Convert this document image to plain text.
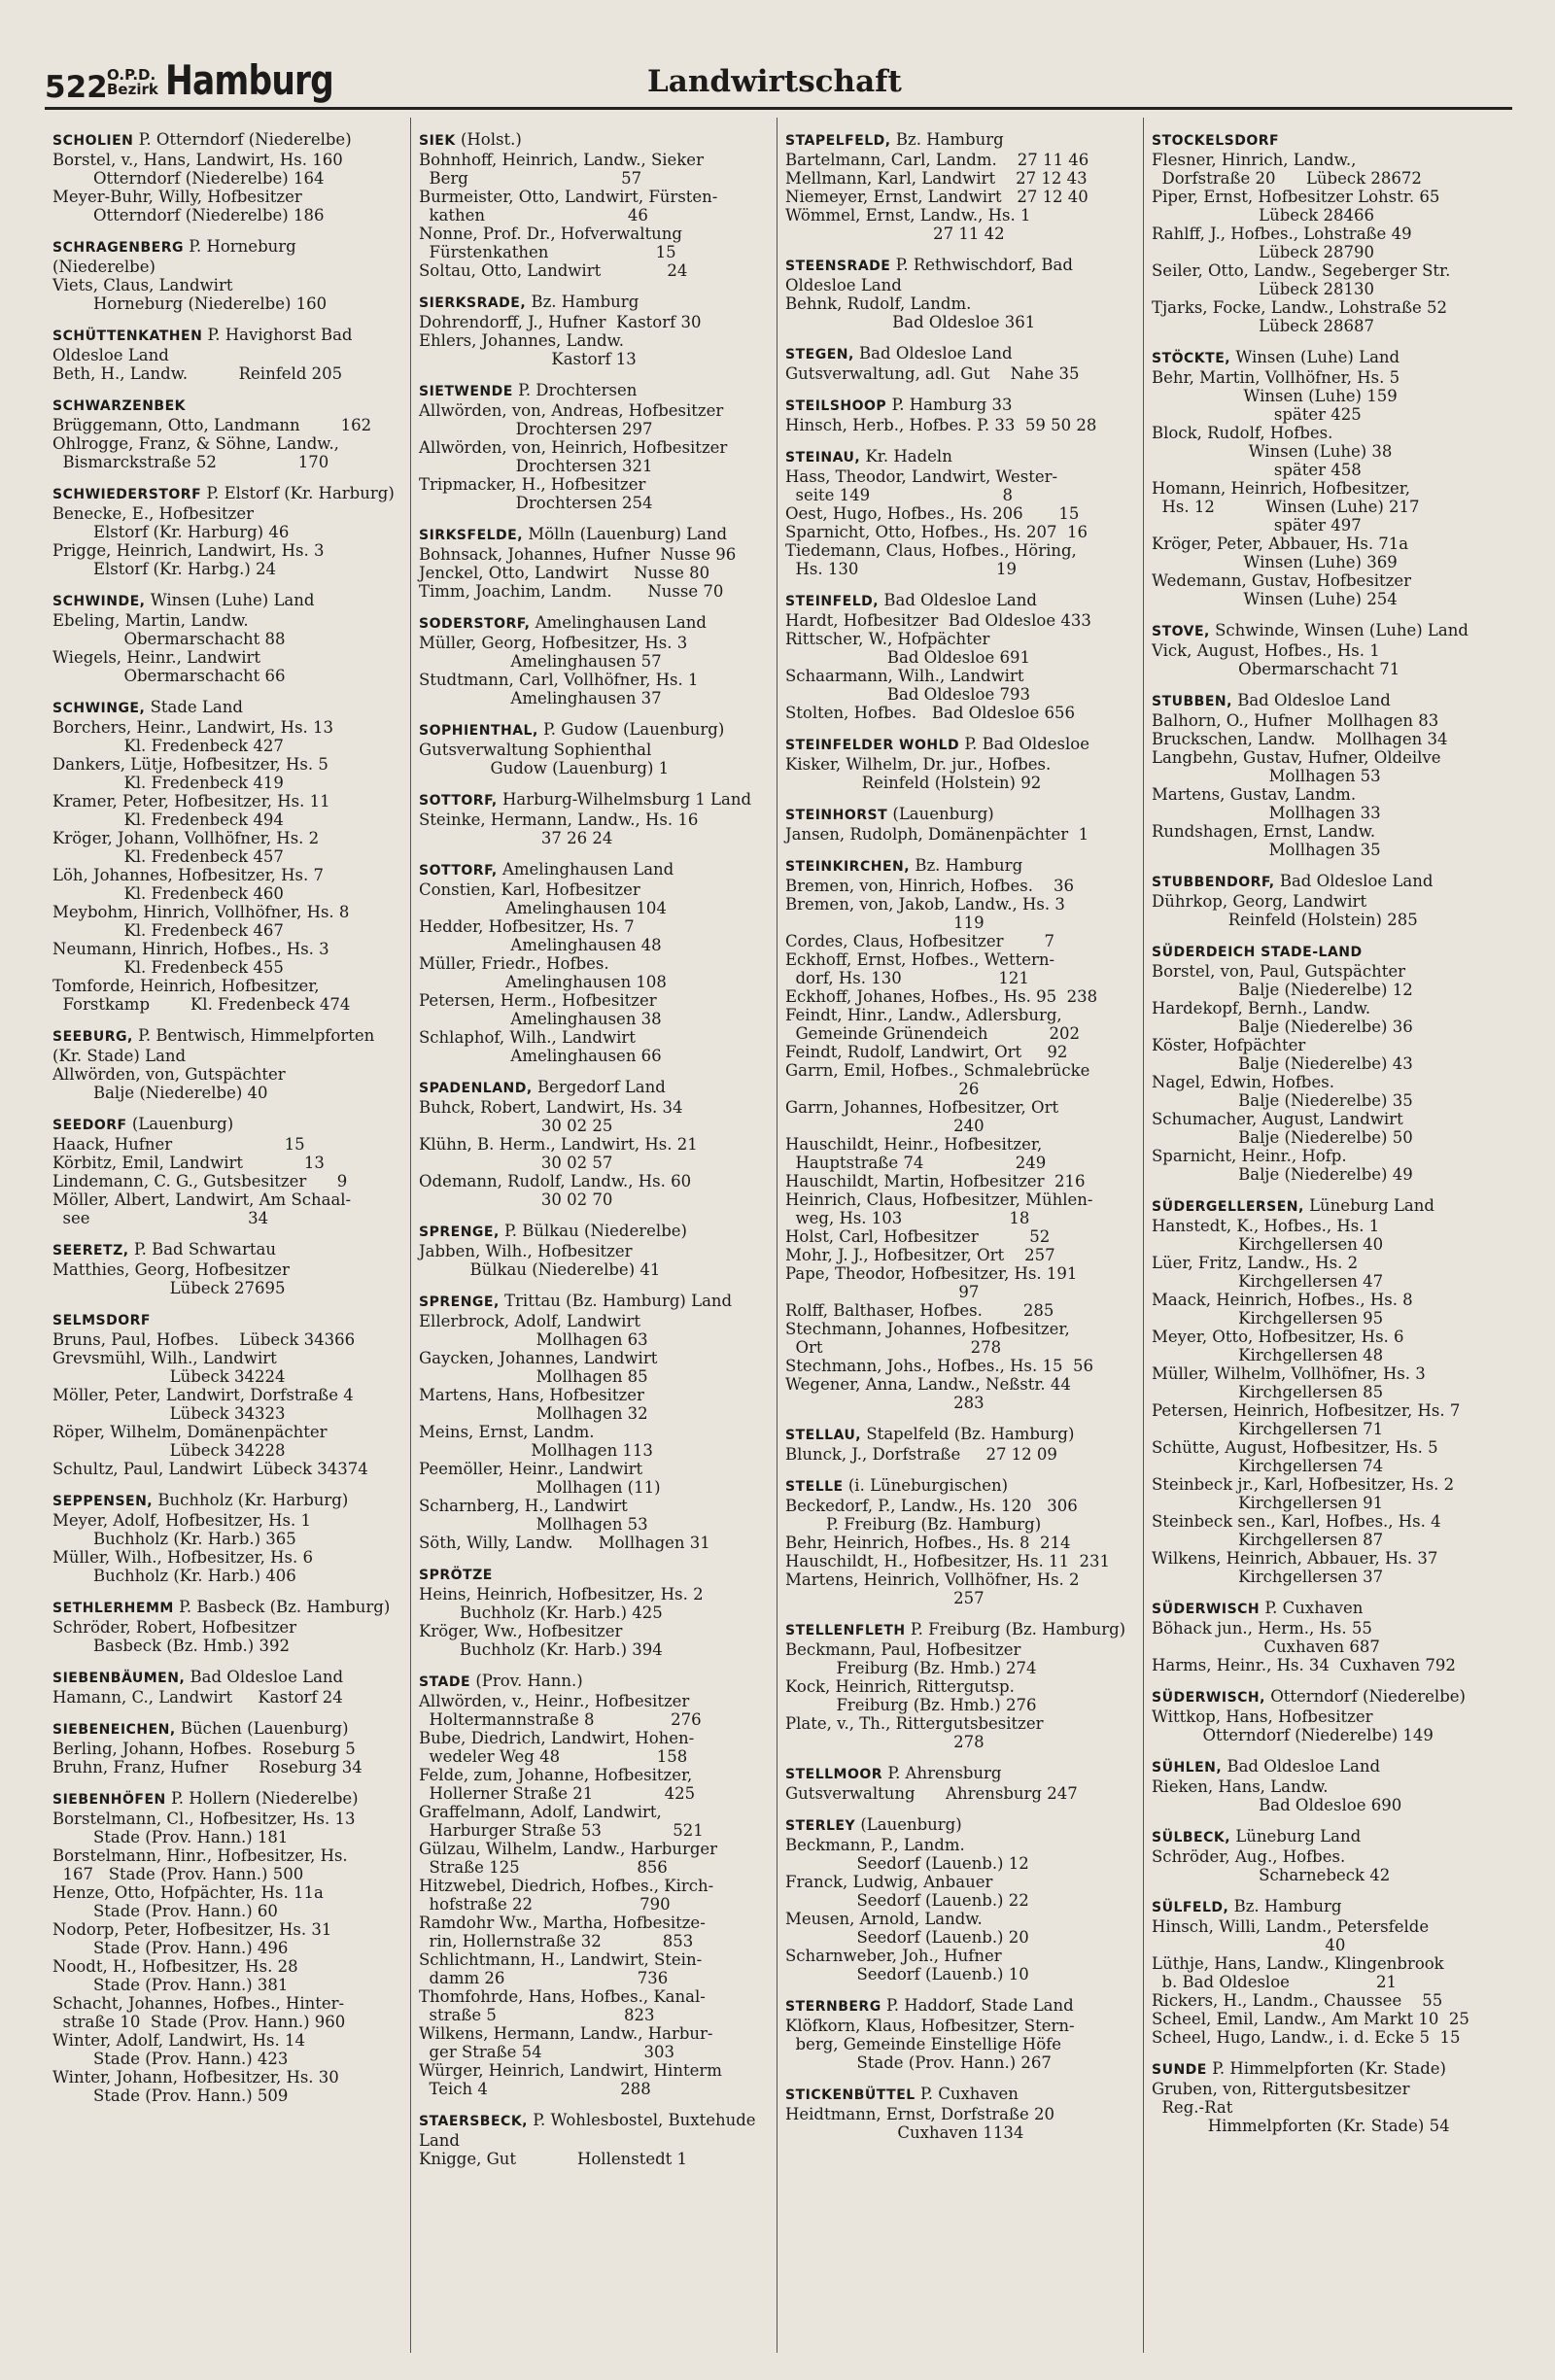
522 O.P.D.
Bezirk Hamburg	Landwirtschaft
SCHOLIEN P. Otterndorf (Niederelbe)
Borstel, v., Hans, Landwirt, Hs. 160
Otterndorf (Niederelbe) 164
Meyer-Buhr, Willy, Hofbesitzer
Otterndorf (Niederelbe) 186
SCHRAGENBERG P. Horneburg (Niederelbe)
Viets, Claus, Landwirt
Horneburg (Niederelbe) 160
SCHÜTTENKATHEN P. Havighorst Bad Oldesloe Land
Beth, H., Landw.          Reinfeld 205
SCHWARZENBEK
Brüggemann, Otto, Landmann        162
Ohlrogge, Franz, & Söhne, Landw.,
Bismarckstraße 52                170
SCHWIEDERSTORF P. Elstorf (Kr. Harburg)
Benecke, E., Hofbesitzer
Elstorf (Kr. Harburg) 46
Prigge, Heinrich, Landwirt, Hs. 3
Elstorf (Kr. Harbg.) 24
SCHWINDE, Winsen (Luhe) Land
Ebeling, Martin, Landw.
Obermarschacht 88
Wiegels, Heinr., Landwirt
Obermarschacht 66
SCHWINGE, Stade Land
Borchers, Heinr., Landwirt, Hs. 13
Kl. Fredenbeck 427
Dankers, Lütje, Hofbesitzer, Hs. 5
Kl. Fredenbeck 419
Kramer, Peter, Hofbesitzer, Hs. 11
Kl. Fredenbeck 494
Kröger, Johann, Vollhöfner, Hs. 2
Kl. Fredenbeck 457
Löh, Johannes, Hofbesitzer, Hs. 7
Kl. Fredenbeck 460
Meybohm, Hinrich, Vollhöfner, Hs. 8
Kl. Fredenbeck 467
Neumann, Hinrich, Hofbes., Hs. 3
Kl. Fredenbeck 455
Tomforde, Heinrich, Hofbesitzer,
Forstkamp        Kl. Fredenbeck 474
SEEBURG, P. Bentwisch, Himmelpforten (Kr. Stade) Land
Allwörden, von, Gutspächter
Balje (Niederelbe) 40
SEEDORF (Lauenburg)
Haack, Hufner                      15
Körbitz, Emil, Landwirt            13
Lindemann, C. G., Gutsbesitzer      9
Möller, Albert, Landwirt, Am Schaal-
see                               34
SEERETZ, P. Bad Schwartau
Matthies, Georg, Hofbesitzer
Lübeck 27695
SELMSDORF
Bruns, Paul, Hofbes.    Lübeck 34366
Grevsmühl, Wilh., Landwirt
Lübeck 34224
Möller, Peter, Landwirt, Dorfstraße 4
Lübeck 34323
Röper, Wilhelm, Domänenpächter
Lübeck 34228
Schultz, Paul, Landwirt  Lübeck 34374
SEPPENSEN, Buchholz (Kr. Harburg)
Meyer, Adolf, Hofbesitzer, Hs. 1
Buchholz (Kr. Harb.) 365
Müller, Wilh., Hofbesitzer, Hs. 6
Buchholz (Kr. Harb.) 406
SETHLERHEMM P. Basbeck (Bz. Hamburg)
Schröder, Robert, Hofbesitzer
Basbeck (Bz. Hmb.) 392
SIEBENBÄUMEN, Bad Oldesloe Land
Hamann, C., Landwirt     Kastorf 24
SIEBENEICHEN, Büchen (Lauenburg)
Berling, Johann, Hofbes.  Roseburg 5
Bruhn, Franz, Hufner      Roseburg 34
SIEBENHÖFEN P. Hollern (Niederelbe)
Borstelmann, Cl., Hofbesitzer, Hs. 13
Stade (Prov. Hann.) 181
Borstelmann, Hinr., Hofbesitzer, Hs.
167   Stade (Prov. Hann.) 500
Henze, Otto, Hofpächter, Hs. 11a
Stade (Prov. Hann.) 60
Nodorp, Peter, Hofbesitzer, Hs. 31
Stade (Prov. Hann.) 496
Noodt, H., Hofbesitzer, Hs. 28
Stade (Prov. Hann.) 381
Schacht, Johannes, Hofbes., Hinter-
straße 10  Stade (Prov. Hann.) 960
Winter, Adolf, Landwirt, Hs. 14
Stade (Prov. Hann.) 423
Winter, Johann, Hofbesitzer, Hs. 30
Stade (Prov. Hann.) 509
SIEK (Holst.)
Bohnhoff, Heinrich, Landw., Sieker
Berg                              57
Burmeister, Otto, Landwirt, Fürsten-
kathen                            46
Nonne, Prof. Dr., Hofverwaltung
Fürstenkathen                     15
Soltau, Otto, Landwirt             24
SIERKSRADE, Bz. Hamburg
Dohrendorff, J., Hufner  Kastorf 30
Ehlers, Johannes, Landw.
Kastorf 13
SIETWENDE P. Drochtersen
Allwörden, von, Andreas, Hofbesitzer
Drochtersen 297
Allwörden, von, Heinrich, Hofbesitzer
Drochtersen 321
Tripmacker, H., Hofbesitzer
Drochtersen 254
SIRKSFELDE, Mölln (Lauenburg) Land
Bohnsack, Johannes, Hufner  Nusse 96
Jenckel, Otto, Landwirt     Nusse 80
Timm, Joachim, Landm.       Nusse 70
SODERSTORF, Amelinghausen Land
Müller, Georg, Hofbesitzer, Hs. 3
Amelinghausen 57
Studtmann, Carl, Vollhöfner, Hs. 1
Amelinghausen 37
SOPHIENTHAL, P. Gudow (Lauenburg)
Gutsverwaltung Sophienthal
Gudow (Lauenburg) 1
SOTTORF, Harburg-Wilhelmsburg 1 Land
Steinke, Hermann, Landw., Hs. 16
37 26 24
SOTTORF, Amelinghausen Land
Constien, Karl, Hofbesitzer
Amelinghausen 104
Hedder, Hofbesitzer, Hs. 7
Amelinghausen 48
Müller, Friedr., Hofbes.
Amelinghausen 108
Petersen, Herm., Hofbesitzer
Amelinghausen 38
Schlaphof, Wilh., Landwirt
Amelinghausen 66
SPADENLAND, Bergedorf Land
Buhck, Robert, Landwirt, Hs. 34
30 02 25
Klühn, B. Herm., Landwirt, Hs. 21
30 02 57
Odemann, Rudolf, Landw., Hs. 60
30 02 70
SPRENGE, P. Bülkau (Niederelbe)
Jabben, Wilh., Hofbesitzer
Bülkau (Niederelbe) 41
SPRENGE, Trittau (Bz. Hamburg) Land
Ellerbrock, Adolf, Landwirt
Mollhagen 63
Gaycken, Johannes, Landwirt
Mollhagen 85
Martens, Hans, Hofbesitzer
Mollhagen 32
Meins, Ernst, Landm.
Mollhagen 113
Peemöller, Heinr., Landwirt
Mollhagen (11)
Scharnberg, H., Landwirt
Mollhagen 53
Söth, Willy, Landw.     Mollhagen 31
SPRÖTZE
Heins, Heinrich, Hofbesitzer, Hs. 2
Buchholz (Kr. Harb.) 425
Kröger, Ww., Hofbesitzer
Buchholz (Kr. Harb.) 394
STADE (Prov. Hann.)
Allwörden, v., Heinr., Hofbesitzer
Holtermannstraße 8               276
Bube, Diedrich, Landwirt, Hohen-
wedeler Weg 48                   158
Felde, zum, Johanne, Hofbesitzer,
Hollerner Straße 21              425
Graffelmann, Adolf, Landwirt,
Harburger Straße 53              521
Gülzau, Wilhelm, Landw., Harburger
Straße 125                       856
Hitzwebel, Diedrich, Hofbes., Kirch-
hofstraße 22                     790
Ramdohr Ww., Martha, Hofbesitze-
rin, Hollernstraße 32            853
Schlichtmann, H., Landwirt, Stein-
damm 26                          736
Thomfohrde, Hans, Hofbes., Kanal-
straße 5                         823
Wilkens, Hermann, Landw., Harbur-
ger Straße 54                    303
Würger, Heinrich, Landwirt, Hinterm
Teich 4                          288
STAERSBECK, P. Wohlesbostel, Buxtehude Land
Knigge, Gut            Hollenstedt 1
STAPELFELD, Bz. Hamburg
Bartelmann, Carl, Landm.    27 11 46
Mellmann, Karl, Landwirt    27 12 43
Niemeyer, Ernst, Landwirt   27 12 40
Wömmel, Ernst, Landw., Hs. 1
27 11 42
STEENSRADE P. Rethwischdorf, Bad Oldesloe Land
Behnk, Rudolf, Landm.
Bad Oldesloe 361
STEGEN, Bad Oldesloe Land
Gutsverwaltung, adl. Gut    Nahe 35
STEILSHOOP P. Hamburg 33
Hinsch, Herb., Hofbes. P. 33  59 50 28
STEINAU, Kr. Hadeln
Hass, Theodor, Landwirt, Wester-
seite 149                          8
Oest, Hugo, Hofbes., Hs. 206       15
Sparnicht, Otto, Hofbes., Hs. 207  16
Tiedemann, Claus, Hofbes., Höring,
Hs. 130                           19
STEINFELD, Bad Oldesloe Land
Hardt, Hofbesitzer  Bad Oldesloe 433
Rittscher, W., Hofpächter
Bad Oldesloe 691
Schaarmann, Wilh., Landwirt
Bad Oldesloe 793
Stolten, Hofbes.   Bad Oldesloe 656
STEINFELDER WOHLD P. Bad Oldesloe
Kisker, Wilhelm, Dr. jur., Hofbes.
Reinfeld (Holstein) 92
STEINHORST (Lauenburg)
Jansen, Rudolph, Domänenpächter  1
STEINKIRCHEN, Bz. Hamburg
Bremen, von, Hinrich, Hofbes.    36
Bremen, von, Jakob, Landw., Hs. 3
119
Cordes, Claus, Hofbesitzer        7
Eckhoff, Ernst, Hofbes., Wettern-
dorf, Hs. 130                   121
Eckhoff, Johanes, Hofbes., Hs. 95  238
Feindt, Hinr., Landw., Adlersburg,
Gemeinde Grünendeich            202
Feindt, Rudolf, Landwirt, Ort     92
Garrn, Emil, Hofbes., Schmalebrücke
26
Garrn, Johannes, Hofbesitzer, Ort
240
Hauschildt, Heinr., Hofbesitzer,
Hauptstraße 74                  249
Hauschildt, Martin, Hofbesitzer  216
Heinrich, Claus, Hofbesitzer, Mühlen-
weg, Hs. 103                     18
Holst, Carl, Hofbesitzer          52
Mohr, J. J., Hofbesitzer, Ort    257
Pape, Theodor, Hofbesitzer, Hs. 191
97
Rolff, Balthaser, Hofbes.        285
Stechmann, Johannes, Hofbesitzer,
Ort                             278
Stechmann, Johs., Hofbes., Hs. 15  56
Wegener, Anna, Landw., Neßstr. 44
283
STELLAU, Stapelfeld (Bz. Hamburg)
Blunck, J., Dorfstraße     27 12 09
STELLE (i. Lüneburgischen)
Beckedorf, P., Landw., Hs. 120   306
P. Freiburg (Bz. Hamburg)
Behr, Heinrich, Hofbes., Hs. 8  214
Hauschildt, H., Hofbesitzer, Hs. 11  231
Martens, Heinrich, Vollhöfner, Hs. 2
257
STELLENFLETH P. Freiburg (Bz. Hamburg)
Beckmann, Paul, Hofbesitzer
Freiburg (Bz. Hmb.) 274
Kock, Heinrich, Rittergutsp.
Freiburg (Bz. Hmb.) 276
Plate, v., Th., Rittergutsbesitzer
278
STELLMOOR P. Ahrensburg
Gutsverwaltung      Ahrensburg 247
STERLEY (Lauenburg)
Beckmann, P., Landm.
Seedorf (Lauenb.) 12
Franck, Ludwig, Anbauer
Seedorf (Lauenb.) 22
Meusen, Arnold, Landw.
Seedorf (Lauenb.) 20
Scharnweber, Joh., Hufner
Seedorf (Lauenb.) 10
STERNBERG P. Haddorf, Stade Land
Klöfkorn, Klaus, Hofbesitzer, Stern-
berg, Gemeinde Einstellige Höfe
Stade (Prov. Hann.) 267
STICKENBÜTTEL P. Cuxhaven
Heidtmann, Ernst, Dorfstraße 20
Cuxhaven 1134
STOCKELSDORF
Flesner, Hinrich, Landw.,
Dorfstraße 20      Lübeck 28672
Piper, Ernst, Hofbesitzer Lohstr. 65
Lübeck 28466
Rahlff, J., Hofbes., Lohstraße 49
Lübeck 28790
Seiler, Otto, Landw., Segeberger Str.
Lübeck 28130
Tjarks, Focke, Landw., Lohstraße 52
Lübeck 28687
STÖCKTE, Winsen (Luhe) Land
Behr, Martin, Vollhöfner, Hs. 5
Winsen (Luhe) 159
später 425
Block, Rudolf, Hofbes.
Winsen (Luhe) 38
später 458
Homann, Heinrich, Hofbesitzer,
Hs. 12          Winsen (Luhe) 217
später 497
Kröger, Peter, Abbauer, Hs. 71a
Winsen (Luhe) 369
Wedemann, Gustav, Hofbesitzer
Winsen (Luhe) 254
STOVE, Schwinde, Winsen (Luhe) Land
Vick, August, Hofbes., Hs. 1
Obermarschacht 71
STUBBEN, Bad Oldesloe Land
Balhorn, O., Hufner   Mollhagen 83
Bruckschen, Landw.    Mollhagen 34
Langbehn, Gustav, Hufner, Oldeilve
Mollhagen 53
Martens, Gustav, Landm.
Mollhagen 33
Rundshagen, Ernst, Landw.
Mollhagen 35
STUBBENDORF, Bad Oldesloe Land
Dührkop, Georg, Landwirt
Reinfeld (Holstein) 285
SÜDERDEICH STADE-LAND
Borstel, von, Paul, Gutspächter
Balje (Niederelbe) 12
Hardekopf, Bernh., Landw.
Balje (Niederelbe) 36
Köster, Hofpächter
Balje (Niederelbe) 43
Nagel, Edwin, Hofbes.
Balje (Niederelbe) 35
Schumacher, August, Landwirt
Balje (Niederelbe) 50
Sparnicht, Heinr., Hofp.
Balje (Niederelbe) 49
SÜDERGELLERSEN, Lüneburg Land
Hanstedt, K., Hofbes., Hs. 1
Kirchgellersen 40
Lüer, Fritz, Landw., Hs. 2
Kirchgellersen 47
Maack, Heinrich, Hofbes., Hs. 8
Kirchgellersen 95
Meyer, Otto, Hofbesitzer, Hs. 6
Kirchgellersen 48
Müller, Wilhelm, Vollhöfner, Hs. 3
Kirchgellersen 85
Petersen, Heinrich, Hofbesitzer, Hs. 7
Kirchgellersen 71
Schütte, August, Hofbesitzer, Hs. 5
Kirchgellersen 74
Steinbeck jr., Karl, Hofbesitzer, Hs. 2
Kirchgellersen 91
Steinbeck sen., Karl, Hofbes., Hs. 4
Kirchgellersen 87
Wilkens, Heinrich, Abbauer, Hs. 37
Kirchgellersen 37
SÜDERWISCH P. Cuxhaven
Böhack jun., Herm., Hs. 55
Cuxhaven 687
Harms, Heinr., Hs. 34  Cuxhaven 792
SÜDERWISCH, Otterndorf (Niederelbe)
Wittkop, Hans, Hofbesitzer
Otterndorf (Niederelbe) 149
SÜHLEN, Bad Oldesloe Land
Rieken, Hans, Landw.
Bad Oldesloe 690
SÜLBECK, Lüneburg Land
Schröder, Aug., Hofbes.
Scharnebeck 42
SÜLFELD, Bz. Hamburg
Hinsch, Willi, Landm., Petersfelde
40
Lüthje, Hans, Landw., Klingenbrook
b. Bad Oldesloe                 21
Rickers, H., Landm., Chaussee    55
Scheel, Emil, Landw., Am Markt 10  25
Scheel, Hugo, Landw., i. d. Ecke 5  15
SUNDE P. Himmelpforten (Kr. Stade)
Gruben, von, Rittergutsbesitzer
Reg.-Rat
Himmelpforten (Kr. Stade) 54
